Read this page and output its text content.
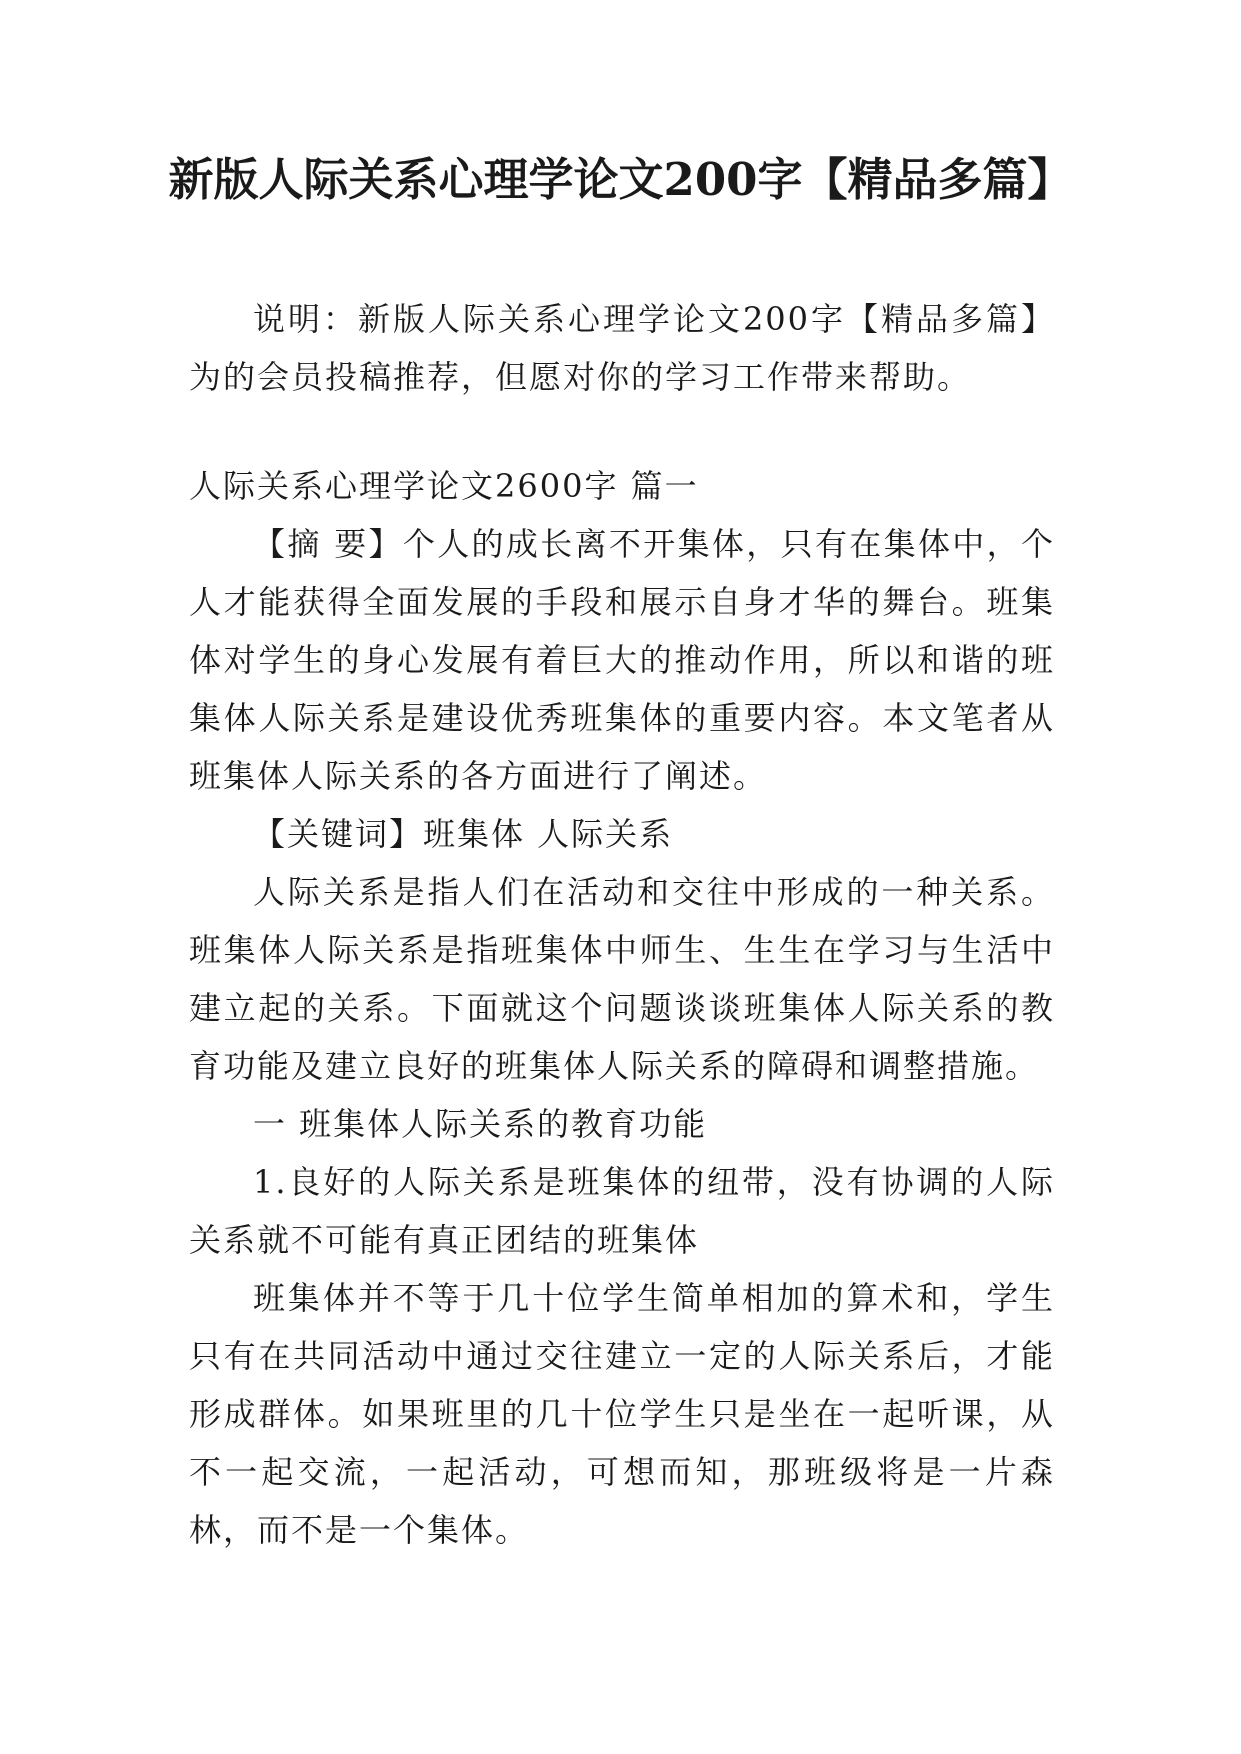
新版人际关系心理学论文200字【精品多篇】

说明：新版人际关系心理学论文200字【精品多篇】为的会员投稿推荐，但愿对你的学习工作带来帮助。

人际关系心理学论文2600字 篇一

【摘 要】个人的成长离不开集体，只有在集体中，个人才能获得全面发展的手段和展示自身才华的舞台。班集体对学生的身心发展有着巨大的推动作用，所以和谐的班集体人际关系是建设优秀班集体的重要内容。本文笔者从班集体人际关系的各方面进行了阐述。

【关键词】班集体 人际关系

人际关系是指人们在活动和交往中形成的一种关系。班集体人际关系是指班集体中师生、生生在学习与生活中建立起的关系。下面就这个问题谈谈班集体人际关系的教育功能及建立良好的班集体人际关系的障碍和调整措施。

一 班集体人际关系的教育功能

1.良好的人际关系是班集体的纽带，没有协调的人际关系就不可能有真正团结的班集体

班集体并不等于几十位学生简单相加的算术和，学生只有在共同活动中通过交往建立一定的人际关系后，才能形成群体。如果班里的几十位学生只是坐在一起听课，从不一起交流，一起活动，可想而知，那班级将是一片森林，而不是一个集体。
